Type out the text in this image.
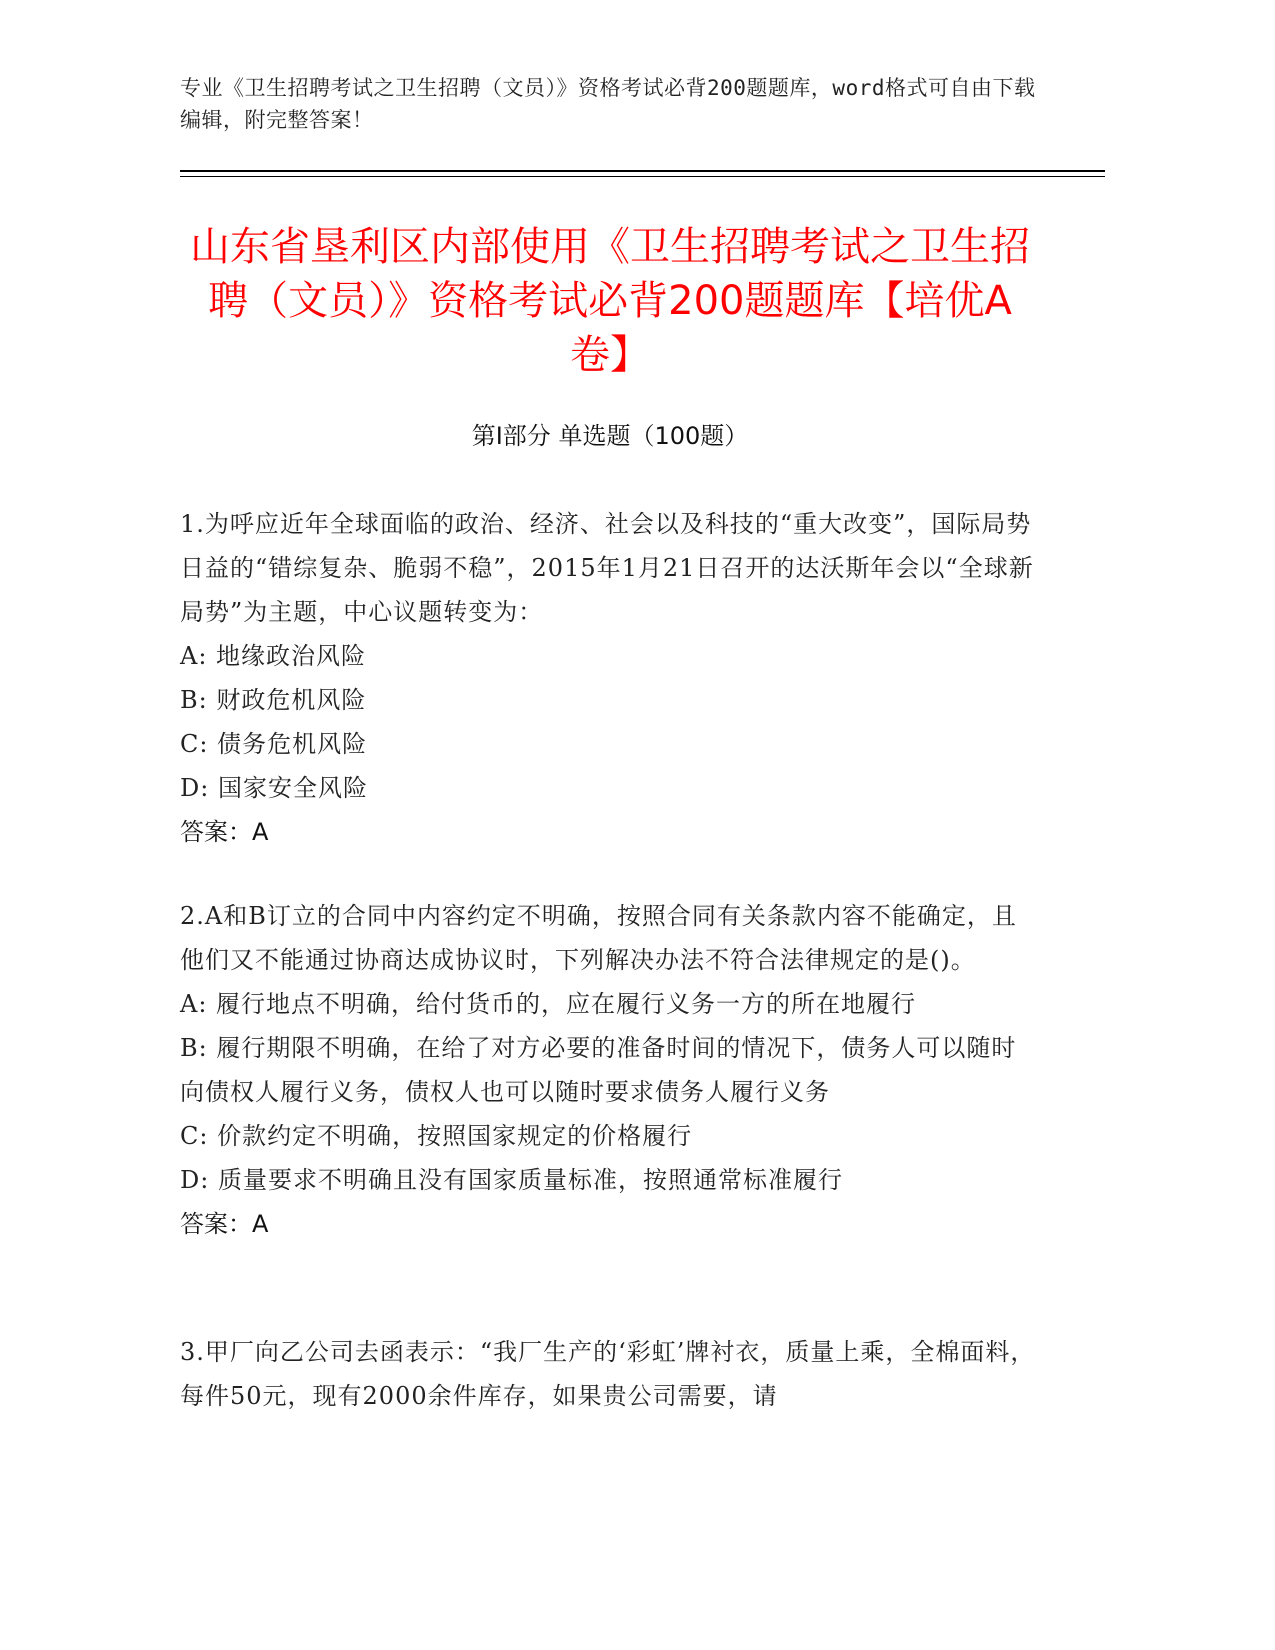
专业《卫生招聘考试之卫生招聘（文员）》资格考试必背200题题库，word格式可自由下载编辑，附完整答案！
山东省垦利区内部使用《卫生招聘考试之卫生招聘（文员）》资格考试必背200题题库【培优A卷】
第Ⅰ部分 单选题（100题）

1.为呼应近年全球面临的政治、经济、社会以及科技的“重大改变”，国际局势日益的“错综复杂、脆弱不稳”，2015年1月21日召开的达沃斯年会以“全球新局势”为主题，中心议题转变为：

A: 地缘政治风险

B: 财政危机风险

C: 债务危机风险

D: 国家安全风险

答案：A

2.A和B订立的合同中内容约定不明确，按照合同有关条款内容不能确定，且他们又不能通过协商达成协议时，下列解决办法不符合法律规定的是()。

A: 履行地点不明确，给付货币的，应在履行义务一方的所在地履行

B: 履行期限不明确，在给了对方必要的准备时间的情况下，债务人可以随时向债权人履行义务，债权人也可以随时要求债务人履行义务

C: 价款约定不明确，按照国家规定的价格履行

D: 质量要求不明确且没有国家质量标准，按照通常标准履行

答案：A

3.甲厂向乙公司去函表示：“我厂生产的‘彩虹’牌衬衣，质量上乘，全棉面料，每件50元，现有2000余件库存，如果贵公司需要，请
